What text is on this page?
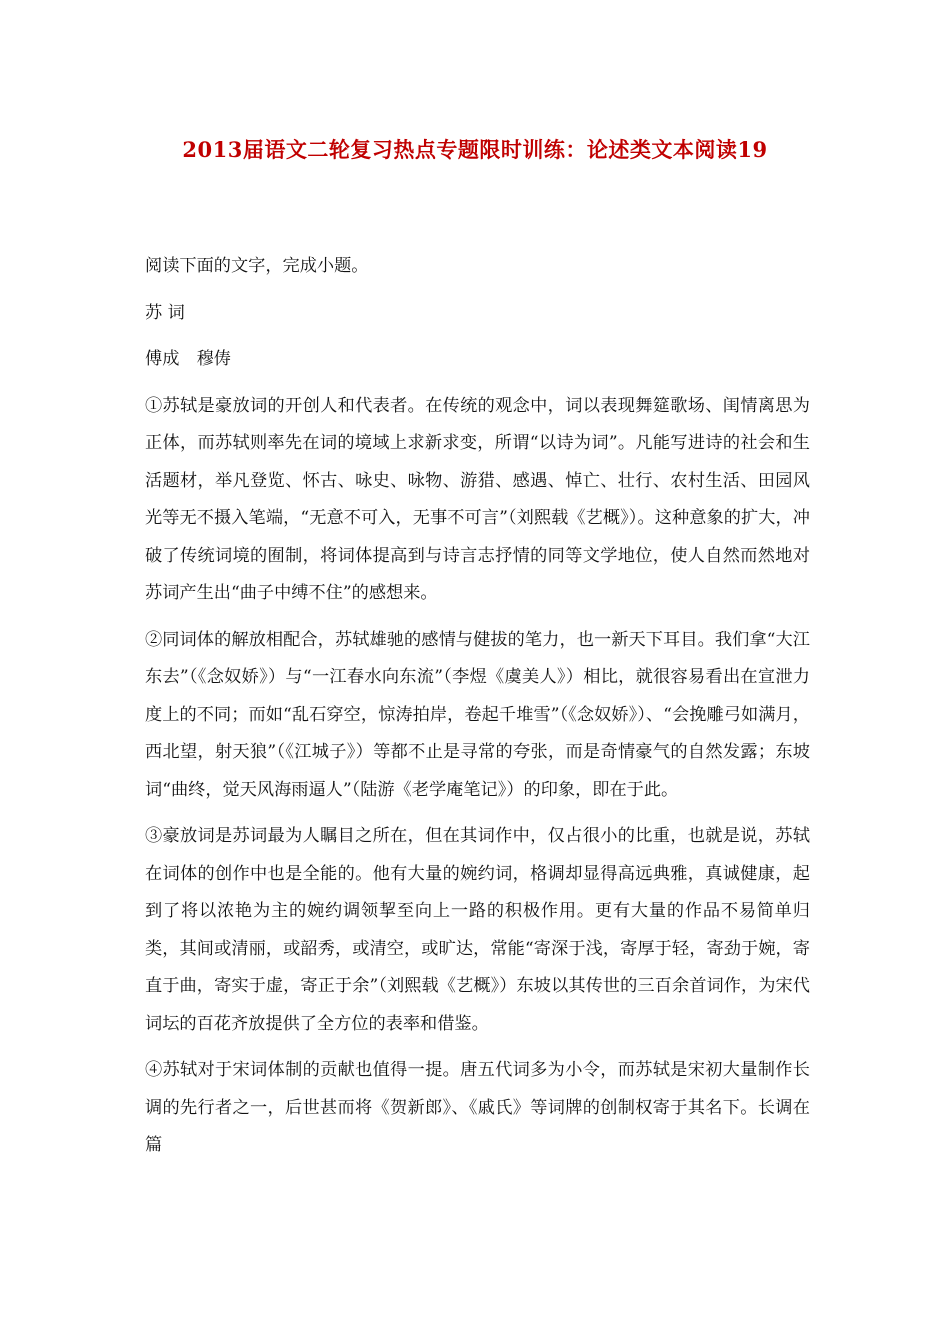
2013届语文二轮复习热点专题限时训练：论述类文本阅读19
阅读下面的文字，完成小题。
苏 词
傅成　穆俦
①苏轼是豪放词的开创人和代表者。在传统的观念中，词以表现舞筵歌场、闺情离思为正体，而苏轼则率先在词的境域上求新求变，所谓“以诗为词”。凡能写进诗的社会和生活题材，举凡登览、怀古、咏史、咏物、游猎、感遇、悼亡、壮行、农村生活、田园风光等无不摄入笔端，“无意不可入，无事不可言”（刘熙载《艺概》）。这种意象的扩大，冲破了传统词境的囿制，将词体提高到与诗言志抒情的同等文学地位，使人自然而然地对苏词产生出“曲子中缚不住”的感想来。
②同词体的解放相配合，苏轼雄驰的感情与健拔的笔力，也一新天下耳目。我们拿“大江东去”（《念奴娇》）与“一江春水向东流”（李煜《虞美人》）相比，就很容易看出在宣泄力度上的不同；而如“乱石穿空，惊涛拍岸，卷起千堆雪”（《念奴娇》）、“会挽雕弓如满月，西北望，射天狼”（《江城子》）等都不止是寻常的夸张，而是奇情豪气的自然发露；东坡词“曲终，觉天风海雨逼人”（陆游《老学庵笔记》）的印象，即在于此。
③豪放词是苏词最为人瞩目之所在，但在其词作中，仅占很小的比重，也就是说，苏轼在词体的创作中也是全能的。他有大量的婉约词，格调却显得高远典雅，真诚健康，起到了将以浓艳为主的婉约调领挈至向上一路的积极作用。更有大量的作品不易简单归类，其间或清丽，或韶秀，或清空，或旷达，常能“寄深于浅，寄厚于轻，寄劲于婉，寄直于曲，寄实于虚，寄正于余”（刘熙载《艺概》）东坡以其传世的三百余首词作，为宋代词坛的百花齐放提供了全方位的表率和借鉴。
④苏轼对于宋词体制的贡献也值得一提。唐五代词多为小令，而苏轼是宋初大量制作长调的先行者之一，后世甚而将《贺新郎》、《戚氏》等词牌的创制权寄于其名下。长调在篇
